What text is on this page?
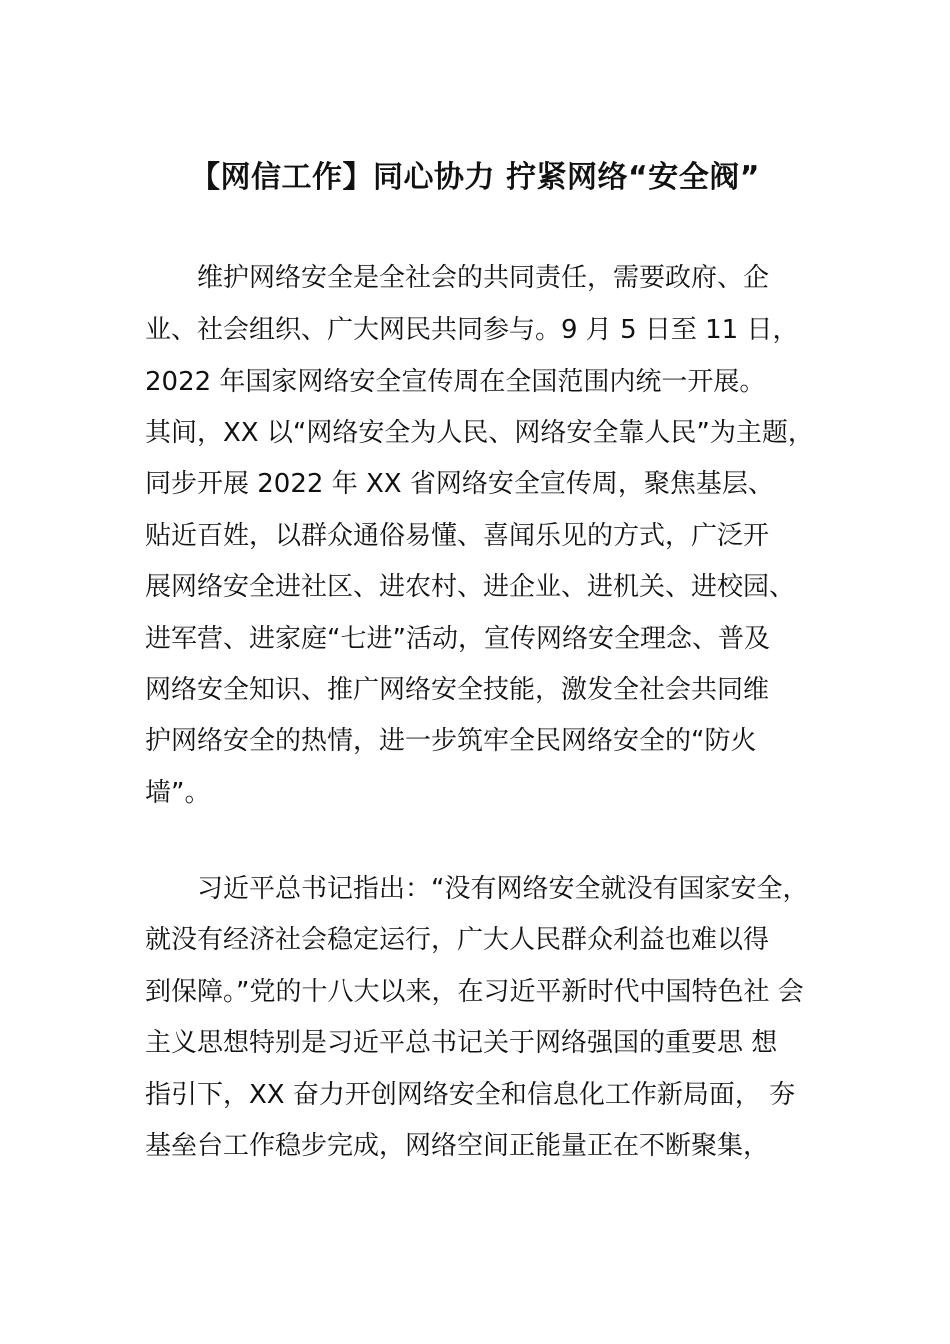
【网信工作】同心协力 拧紧网络“安全阀”
维护网络安全是全社会的共同责任，需要政府、企
业、社会组织、广大网民共同参与。9 月 5 日至 11 日，
2022 年国家网络安全宣传周在全国范围内统一开展。
其间，XX 以“网络安全为人民、网络安全靠人民”为主题，
同步开展 2022 年 XX 省网络安全宣传周，聚焦基层、
贴近百姓，以群众通俗易懂、喜闻乐见的方式，广泛开
展网络安全进社区、进农村、进企业、进机关、进校园、
进军营、进家庭“七进”活动，宣传网络安全理念、普及
网络安全知识、推广网络安全技能，激发全社会共同维
护网络安全的热情，进一步筑牢全民网络安全的“防火
墙”。
习近平总书记指出：“没有网络安全就没有国家安全，
就没有经济社会稳定运行，广大人民群众利益也难以得
到保障。”党的十八大以来，在习近平新时代中国特色社 会
主义思想特别是习近平总书记关于网络强国的重要思 想
指引下，XX 奋力开创网络安全和信息化工作新局面， 夯
基垒台工作稳步完成，网络空间正能量正在不断聚集，
